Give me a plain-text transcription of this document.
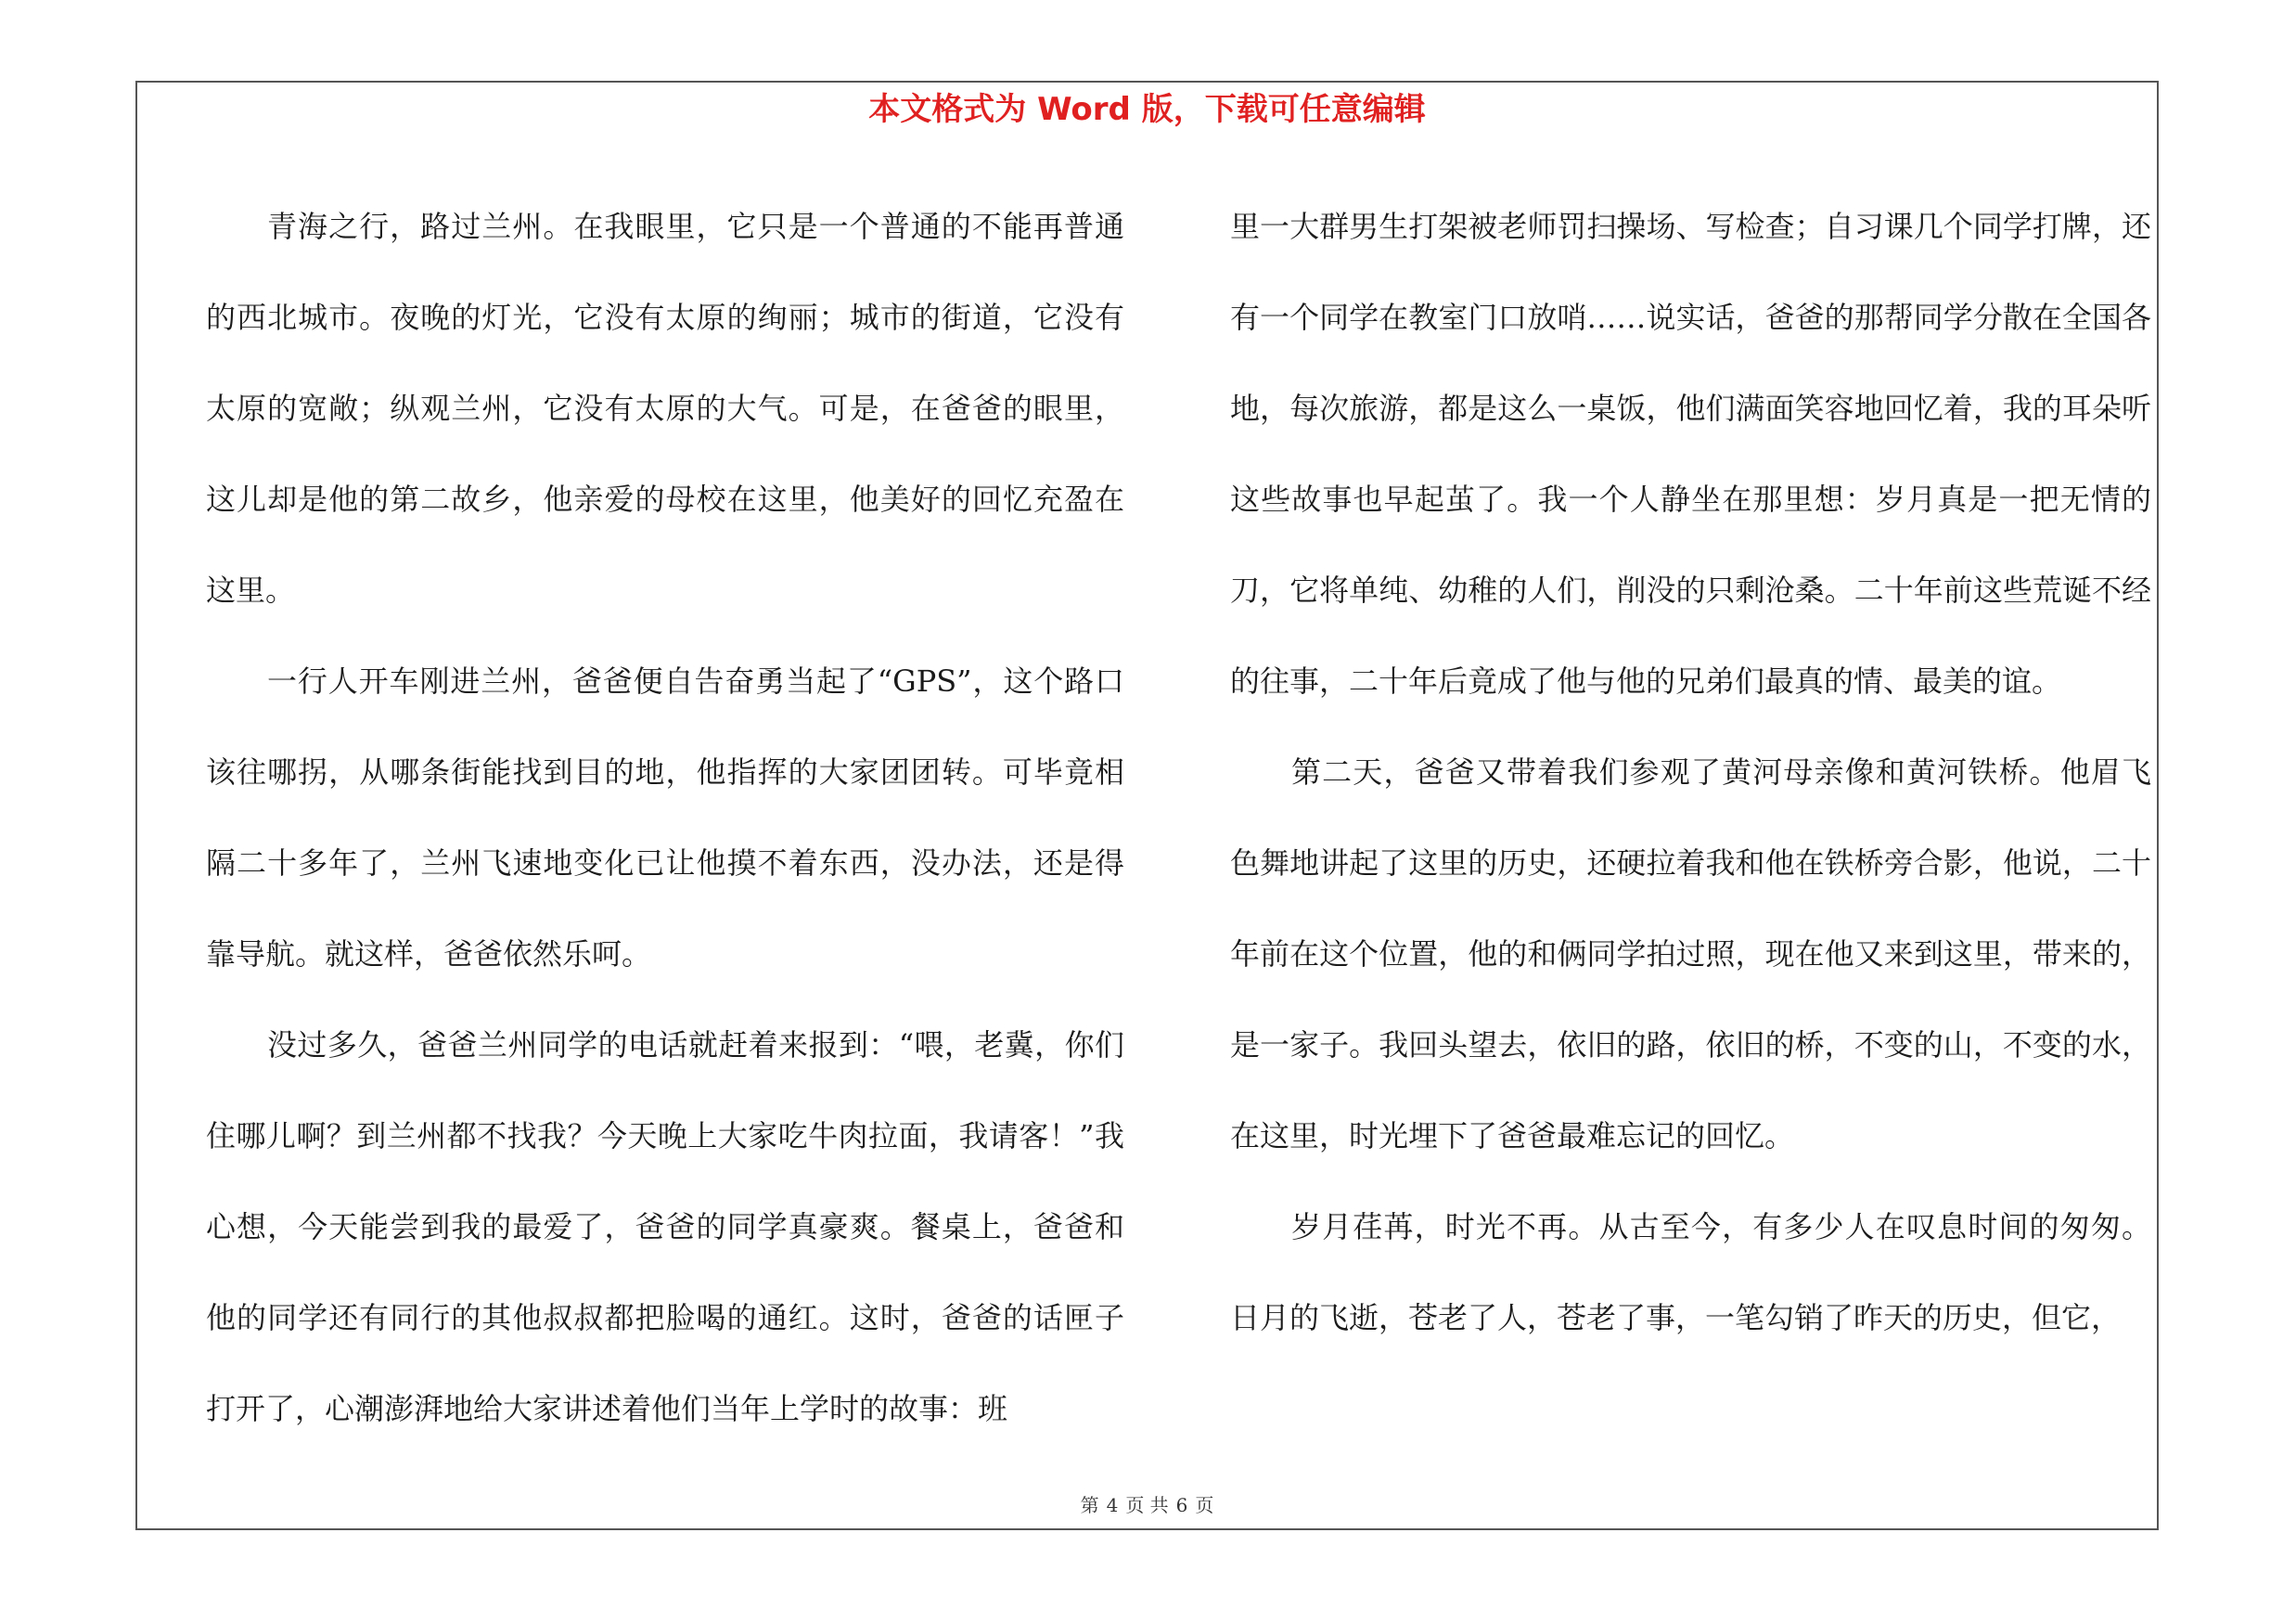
本文格式为 Word 版，下载可任意编辑

青海之行，路过兰州。在我眼里，它只是一个普通的不能再普通的西北城市。夜晚的灯光，它没有太原的绚丽；城市的街道，它没有太原的宽敞；纵观兰州，它没有太原的大气。可是，在爸爸的眼里，这儿却是他的第二故乡，他亲爱的母校在这里，他美好的回忆充盈在这里。

一行人开车刚进兰州，爸爸便自告奋勇当起了“GPS”，这个路口该往哪拐，从哪条街能找到目的地，他指挥的大家团团转。可毕竟相隔二十多年了，兰州飞速地变化已让他摸不着东西，没办法，还是得靠导航。就这样，爸爸依然乐呵。

没过多久，爸爸兰州同学的电话就赶着来报到：“喂，老冀，你们住哪儿啊？到兰州都不找我？今天晚上大家吃牛肉拉面，我请客！”我心想，今天能尝到我的最爱了，爸爸的同学真豪爽。餐桌上，爸爸和他的同学还有同行的其他叔叔都把脸喝的通红。这时，爸爸的话匣子打开了，心潮澎湃地给大家讲述着他们当年上学时的故事：班

里一大群男生打架被老师罚扫操场、写检查；自习课几个同学打牌，还有一个同学在教室门口放哨……说实话，爸爸的那帮同学分散在全国各地，每次旅游，都是这么一桌饭，他们满面笑容地回忆着，我的耳朵听这些故事也早起茧了。我一个人静坐在那里想：岁月真是一把无情的刀，它将单纯、幼稚的人们，削没的只剩沧桑。二十年前这些荒诞不经的往事，二十年后竟成了他与他的兄弟们最真的情、最美的谊。

第二天，爸爸又带着我们参观了黄河母亲像和黄河铁桥。他眉飞色舞地讲起了这里的历史，还硬拉着我和他在铁桥旁合影，他说，二十年前在这个位置，他的和俩同学拍过照，现在他又来到这里，带来的，是一家子。我回头望去，依旧的路，依旧的桥，不变的山，不变的水，在这里，时光埋下了爸爸最难忘记的回忆。

岁月荏苒，时光不再。从古至今，有多少人在叹息时间的匆匆。日月的飞逝，苍老了人，苍老了事，一笔勾销了昨天的历史，但它，

第 4 页 共 6 页
